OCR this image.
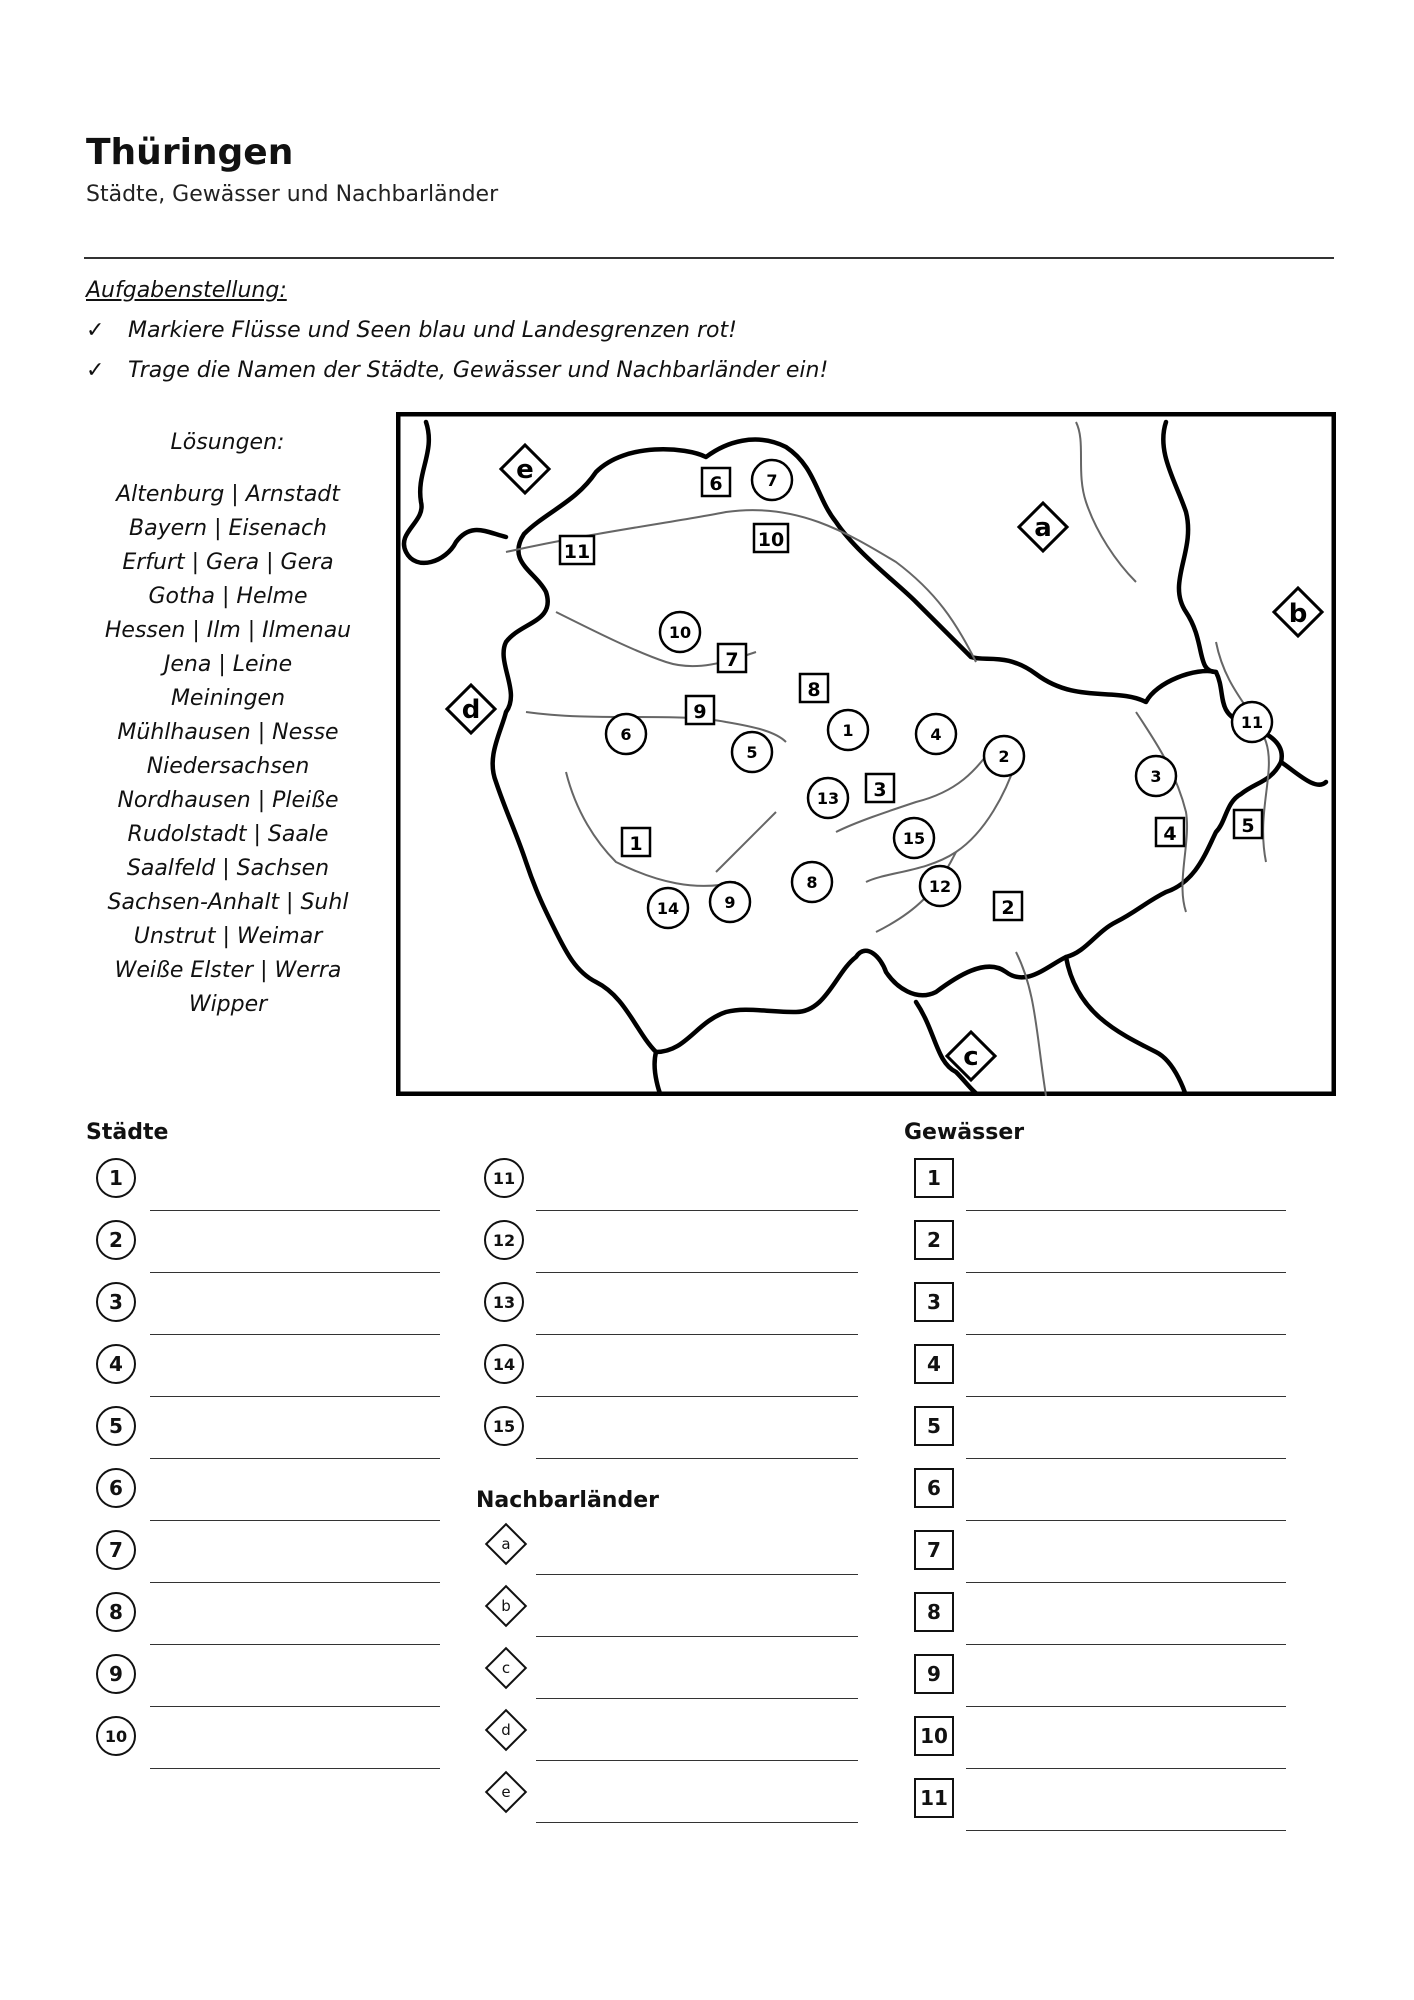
Thüringen
Städte, Gewässer und Nachbarländer
Aufgabenstellung:
✓ Markiere Flüsse und Seen blau und Landesgrenzen rot!
✓ Trage die Namen der Städte, Gewässer und Nachbarländer ein!
Lösungen:
Altenburg | Arnstadt
Bayern | Eisenach
Erfurt | Gera | Gera
Gotha | Helme
Hessen | Ilm | Ilmenau
Jena | Leine
Meiningen
Mühlhausen | Nesse
Niedersachsen
Nordhausen | Pleiße
Rudolstadt | Saale
Saalfeld | Sachsen
Sachsen-Anhalt | Suhl
Unstrut | Weimar
Weiße Elster | Werra
Wipper
e
a
b
c
d
6
11
10
7
8
9
3
1
2
4	5
7
10
6
5
1	4
2
13
15
8	12
9
14
3
11
Städte	Gewässer
Nachbarländer
1
2
3
4
5
6
7
8
9
10
11
12
13
14
15
1
2
3
4
5
6
7
8
9
10
11
a
b
c
d
e
